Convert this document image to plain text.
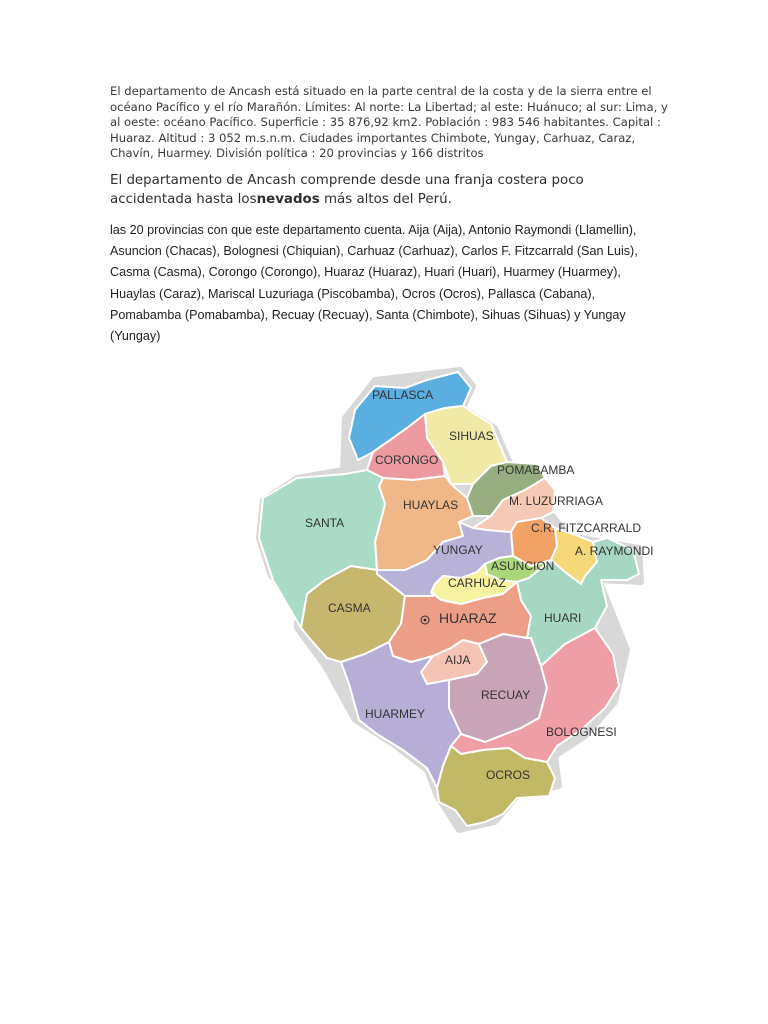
El departamento de Ancash está situado en la parte central de la costa y de la sierra entre el océano Pacífico y el río Marañón. Límites: Al norte: La Libertad; al este: Huánuco; al sur: Lima, y al oeste: océano Pacífico. Superficie : 35 876,92 km2. Población : 983 546 habitantes. Capital : Huaraz. Altitud : 3 052 m.s.n.m. Ciudades importantes Chimbote, Yungay, Carhuaz, Caraz, Chavín, Huarmey. División política : 20 provincias y 166 distritos

El departamento de Ancash comprende desde una franja costera poco accidentada hasta losnevados más altos del Perú.

las 20 provincias con que este departamento cuenta. Aija (Aija), Antonio Raymondi (Llamellin), Asuncion (Chacas), Bolognesi (Chiquian), Carhuaz (Carhuaz), Carlos F. Fitzcarrald (San Luis), Casma (Casma), Corongo (Corongo), Huaraz (Huaraz), Huari (Huari), Huarmey (Huarmey), Huaylas (Caraz), Mariscal Luzuriaga (Piscobamba), Ocros (Ocros), Pallasca (Cabana), Pomabamba (Pomabamba), Recuay (Recuay), Santa (Chimbote), Sihuas (Sihuas) y Yungay (Yungay)

PALLASCA
SIHUAS
CORONGO
POMABAMBA
HUAYLAS	M. LUZURRIAGA
SANTA	C.R. FITZCARRALD
A. RAYMONDI
YUNGAY
ASUNCION
CARHUAZ
CASMA
HUARAZ	HUARI
AIJA
RECUAY
HUARMEY
BOLOGNESI
OCROS
